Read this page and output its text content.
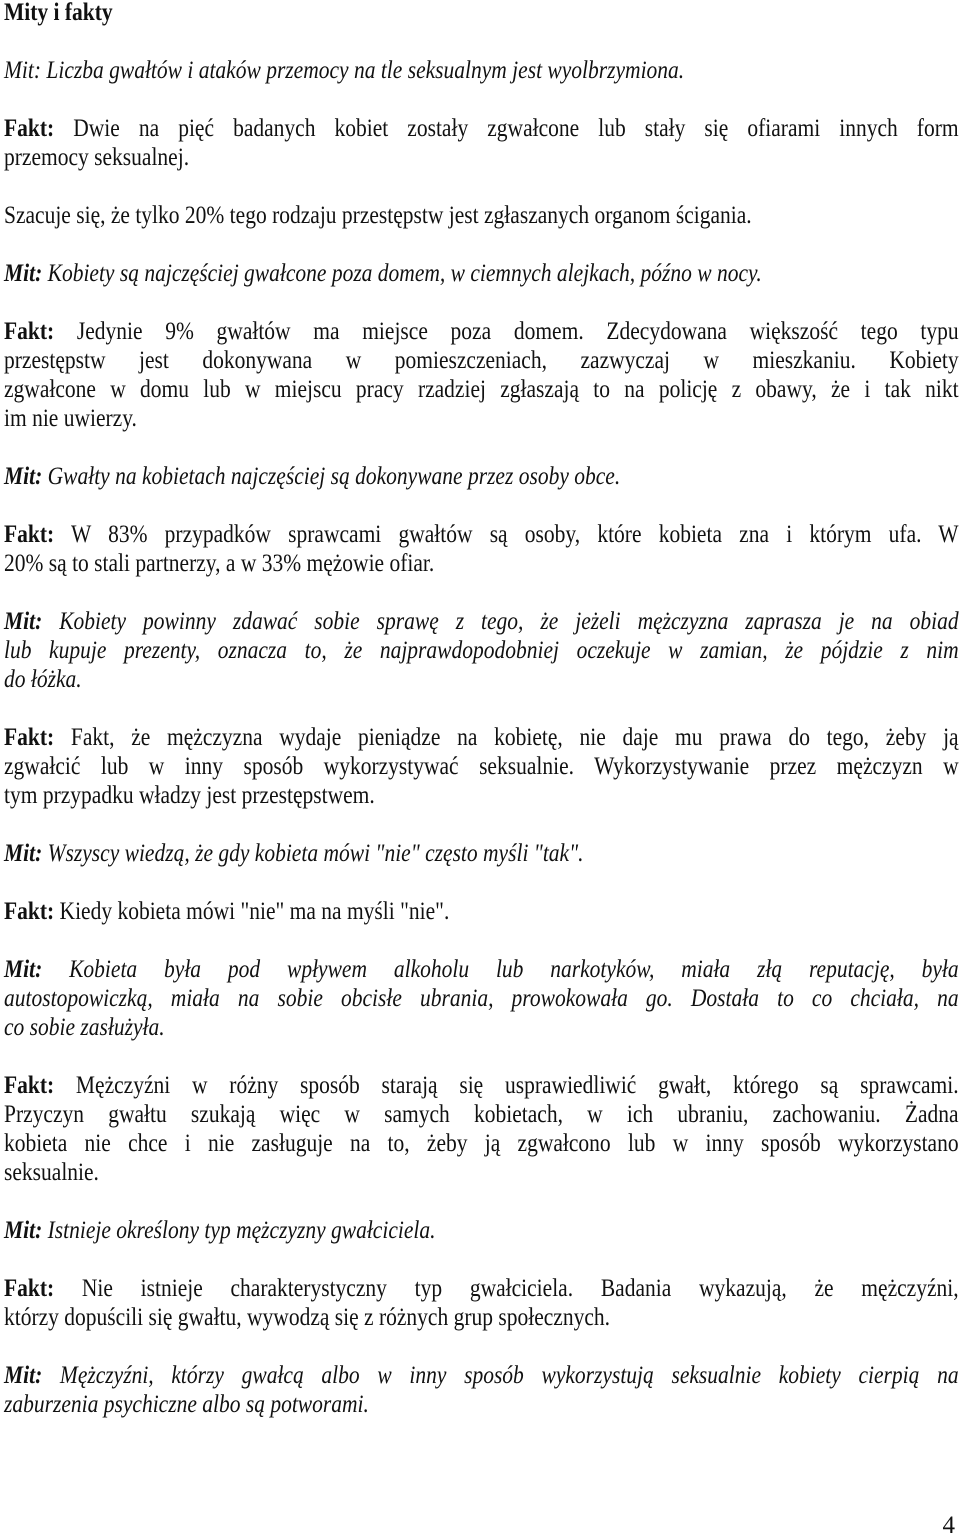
Mity i fakty
Mit: Liczba gwałtów i ataków przemocy na tle seksualnym jest wyolbrzymiona.
Fakt: Dwie na pięć badanych kobiet zostały zgwałcone lub stały się ofiarami innych form
przemocy seksualnej.
Szacuje się, że tylko 20% tego rodzaju przestępstw jest zgłaszanych organom ścigania.
Mit: Kobiety są najczęściej gwałcone poza domem, w ciemnych alejkach, późno w nocy.
Fakt: Jedynie 9% gwałtów ma miejsce poza domem. Zdecydowana większość tego typu
przestępstw jest dokonywana w pomieszczeniach, zazwyczaj w mieszkaniu. Kobiety
zgwałcone w domu lub w miejscu pracy rzadziej zgłaszają to na policję z obawy, że i tak nikt
im nie uwierzy.
Mit: Gwałty na kobietach najczęściej są dokonywane przez osoby obce.
Fakt: W 83% przypadków sprawcami gwałtów są osoby, które kobieta zna i którym ufa. W
20% są to stali partnerzy, a w 33% mężowie ofiar.
Mit: Kobiety powinny zdawać sobie sprawę z tego, że jeżeli mężczyzna zaprasza je na obiad
lub kupuje prezenty, oznacza to, że najprawdopodobniej oczekuje w zamian, że pójdzie z nim
do łóżka.
Fakt: Fakt, że mężczyzna wydaje pieniądze na kobietę, nie daje mu prawa do tego, żeby ją
zgwałcić lub w inny sposób wykorzystywać seksualnie. Wykorzystywanie przez mężczyzn w
tym przypadku władzy jest przestępstwem.
Mit: Wszyscy wiedzą, że gdy kobieta mówi "nie" często myśli "tak".
Fakt: Kiedy kobieta mówi "nie" ma na myśli "nie".
Mit: Kobieta była pod wpływem alkoholu lub narkotyków, miała złą reputację, była
autostopowiczką, miała na sobie obcisłe ubrania, prowokowała go. Dostała to co chciała, na
co sobie zasłużyła.
Fakt: Mężczyźni w różny sposób starają się usprawiedliwić gwałt, którego są sprawcami.
Przyczyn gwałtu szukają więc w samych kobietach, w ich ubraniu, zachowaniu. Żadna
kobieta nie chce i nie zasługuje na to, żeby ją zgwałcono lub w inny sposób wykorzystano
seksualnie.
Mit: Istnieje określony typ mężczyzny gwałciciela.
Fakt: Nie istnieje charakterystyczny typ gwałciciela. Badania wykazują, że mężczyźni,
którzy dopuścili się gwałtu, wywodzą się z różnych grup społecznych.
Mit: Mężczyźni, którzy gwałcą albo w inny sposób wykorzystują seksualnie kobiety cierpią na
zaburzenia psychiczne albo są potworami.
4
